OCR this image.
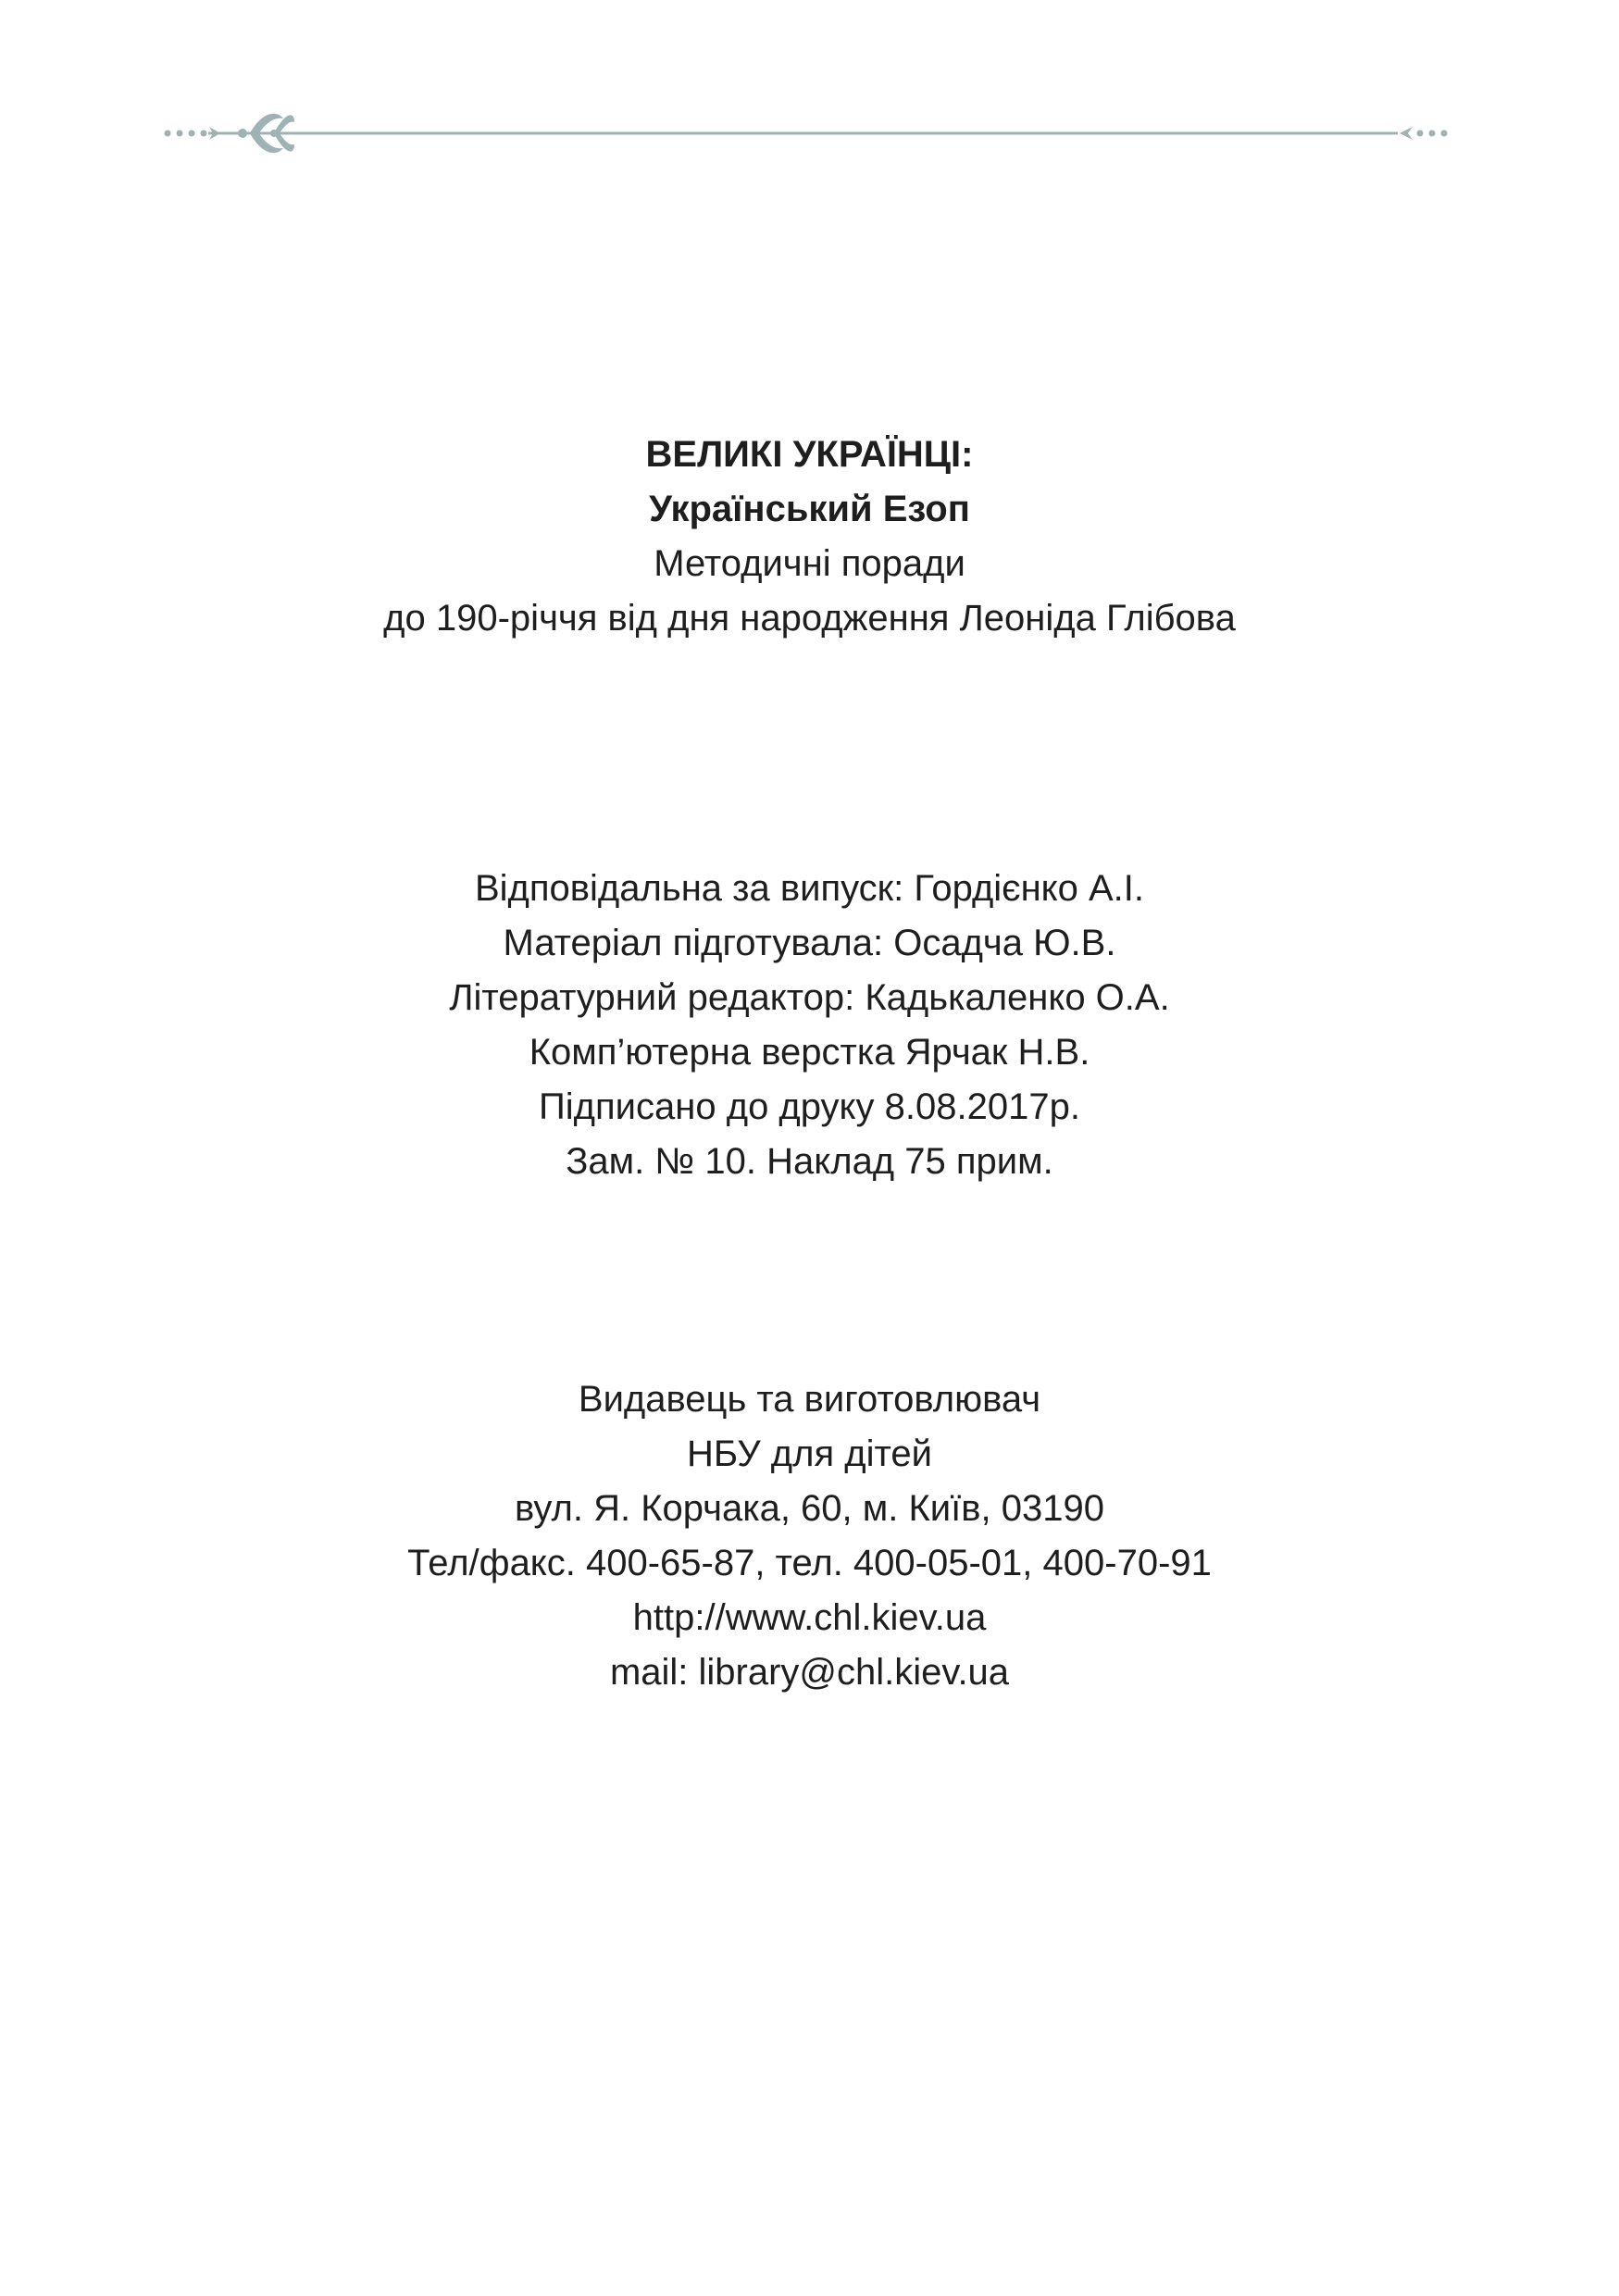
ВЕЛИКІ УКРАЇНЦІ:
Український Езоп
Методичні поради
до 190-річчя від дня народження Леоніда Глібова
Відповідальна за випуск: Гордієнко А.І.
Матеріал підготувала: Осадча Ю.В.
Літературний редактор: Кадькаленко О.А.
Комп’ютерна верстка Ярчак Н.В.
Підписано до друку 8.08.2017р.
Зам. № 10. Наклад 75 прим.
Видавець та виготовлювач
НБУ для дітей
вул. Я. Корчака, 60, м. Київ, 03190
Тел/факс. 400-65-87, тел. 400-05-01, 400-70-91
http://www.chl.kiev.ua
mail: library@chl.kiev.ua
